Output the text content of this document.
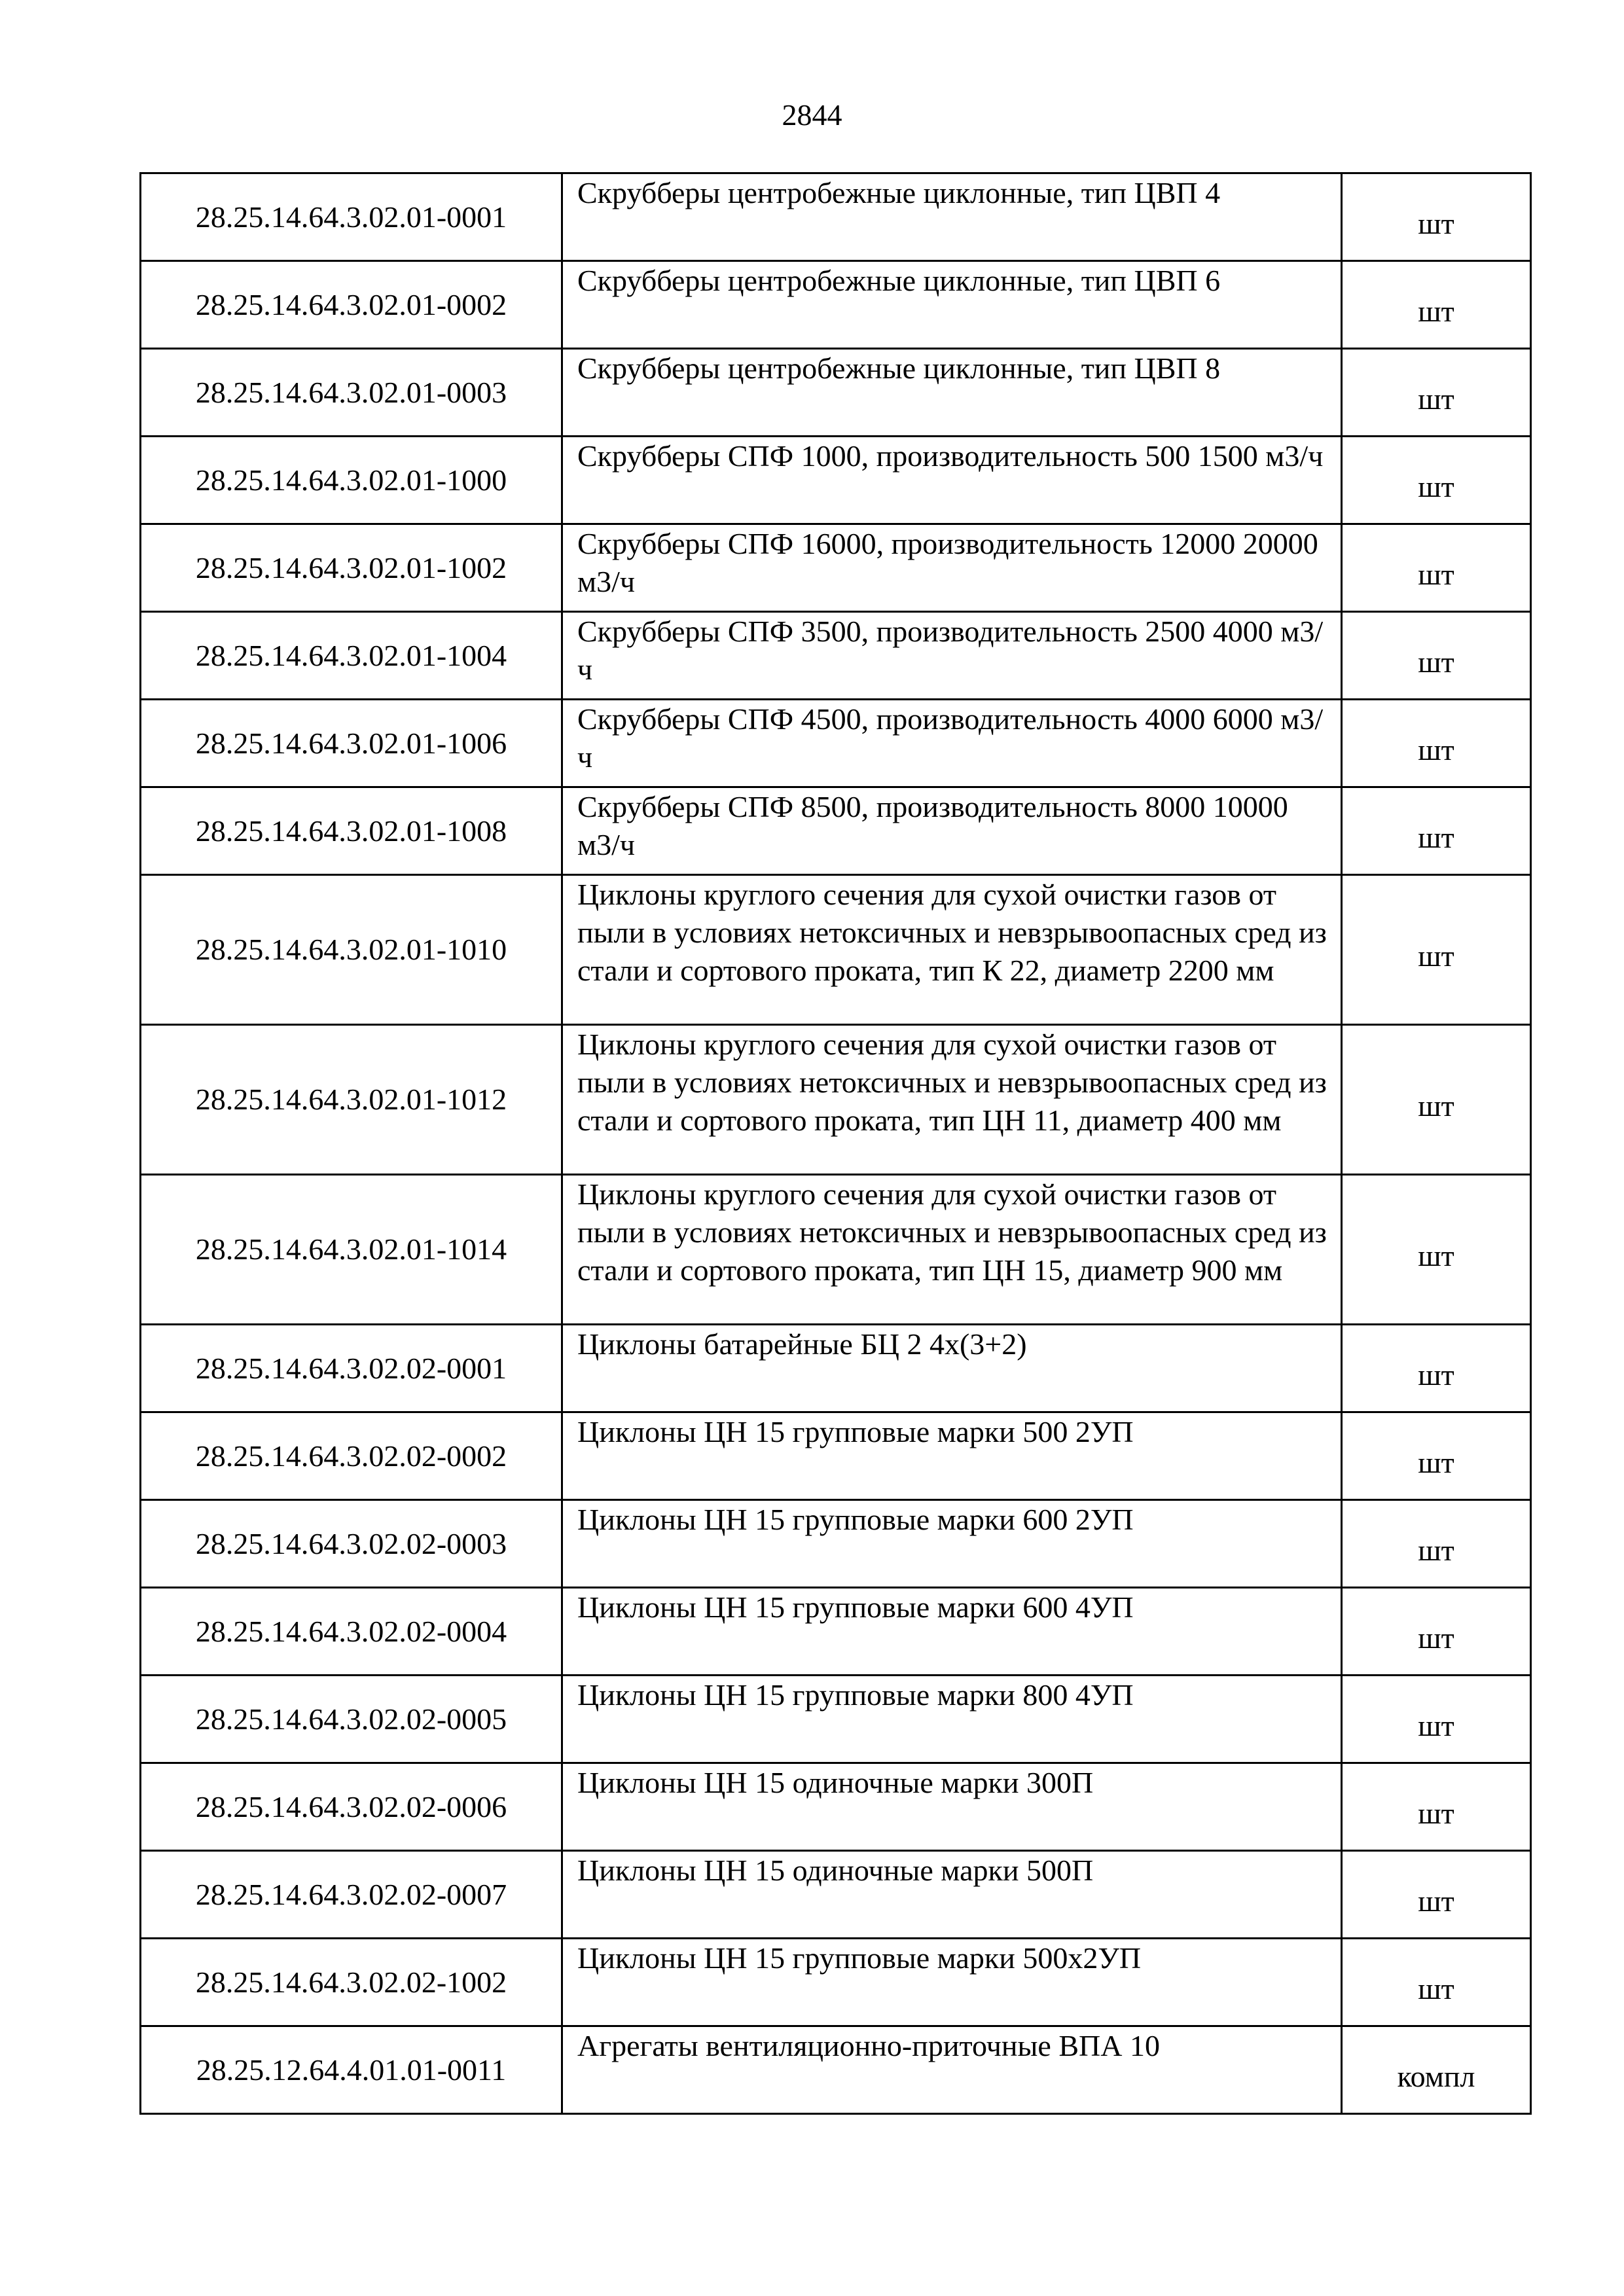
2844
28.25.14.64.3.02.01-0001	Скрубберы центробежные циклонные, тип ЦВП 4	шт
28.25.14.64.3.02.01-0002	Скрубберы центробежные циклонные, тип ЦВП 6	шт
28.25.14.64.3.02.01-0003	Скрубберы центробежные циклонные, тип ЦВП 8	шт
28.25.14.64.3.02.01-1000	Скрубберы СПФ 1000, производительность 500 1500 м3/ч	шт
28.25.14.64.3.02.01-1002	Скрубберы СПФ 16000, производительность 12000 20000 м3/ч	шт
28.25.14.64.3.02.01-1004	Скрубберы СПФ 3500, производительность 2500 4000 м3/ч	шт
28.25.14.64.3.02.01-1006	Скрубберы СПФ 4500, производительность 4000 6000 м3/ч	шт
28.25.14.64.3.02.01-1008	Скрубберы СПФ 8500, производительность 8000 10000 м3/ч	шт
28.25.14.64.3.02.01-1010	Циклоны круглого сечения для сухой очистки газов от пыли в условиях нетоксичных и невзрывоопасных сред из стали и сортового проката, тип К 22, диаметр 2200 мм	шт
28.25.14.64.3.02.01-1012	Циклоны круглого сечения для сухой очистки газов от пыли в условиях нетоксичных и невзрывоопасных сред из стали и сортового проката, тип ЦН 11, диаметр 400 мм	шт
28.25.14.64.3.02.01-1014	Циклоны круглого сечения для сухой очистки газов от пыли в условиях нетоксичных и невзрывоопасных сред из стали и сортового проката, тип ЦН 15, диаметр 900 мм	шт
28.25.14.64.3.02.02-0001	Циклоны батарейные БЦ 2 4х(3+2)	шт
28.25.14.64.3.02.02-0002	Циклоны ЦН 15 групповые марки 500 2УП	шт
28.25.14.64.3.02.02-0003	Циклоны ЦН 15 групповые марки 600 2УП	шт
28.25.14.64.3.02.02-0004	Циклоны ЦН 15 групповые марки 600 4УП	шт
28.25.14.64.3.02.02-0005	Циклоны ЦН 15 групповые марки 800 4УП	шт
28.25.14.64.3.02.02-0006	Циклоны ЦН 15 одиночные марки 300П	шт
28.25.14.64.3.02.02-0007	Циклоны ЦН 15 одиночные марки 500П	шт
28.25.14.64.3.02.02-1002	Циклоны ЦН 15 групповые марки 500х2УП	шт
28.25.12.64.4.01.01-0011	Агрегаты вентиляционно-приточные ВПА 10	компл
